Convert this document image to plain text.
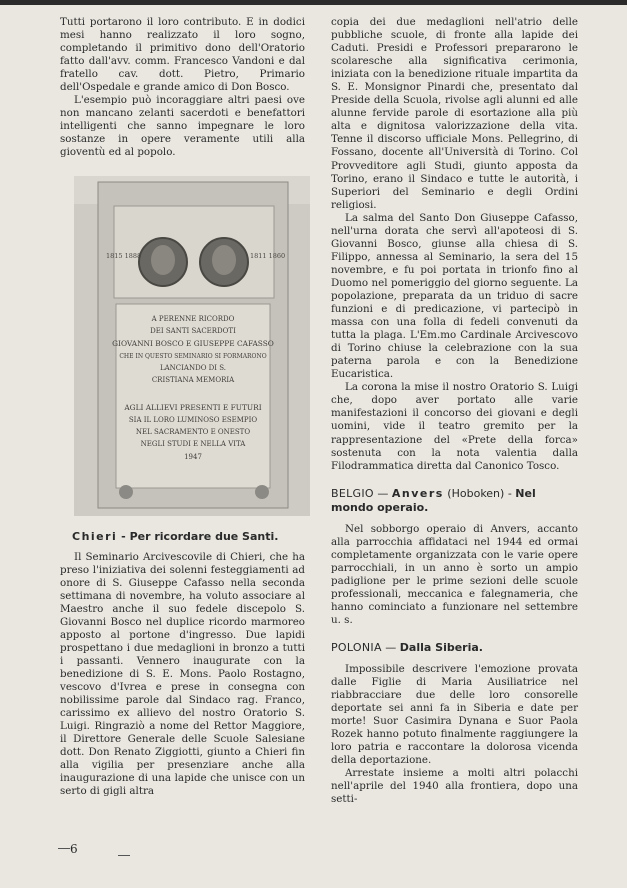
Tutti portarono il loro contributo. E in dodici mesi hanno realizzato il loro sogno, completando il primitivo dono dell'Oratorio fatto dall'avv. comm. Francesco Vandoni e dal fratello cav. dott. Pietro, Primario dell'Ospedale e grande amico di Don Bosco.

L'esempio può incoraggiare altri paesi ove non mancano zelanti sacerdoti e benefattori intelligenti che sanno impegnare le loro sostanze in opere veramente utili alla gioventù ed al popolo.

1815 1888	1811 1860
A PERENNE RICORDO
DEI SANTI SACERDOTI
GIOVANNI BOSCO E GIUSEPPE CAFASSO
CHE IN QUESTO SEMINARIO SI FORMARONO
LANCIANDO DI S.
CRISTIANA MEMORIA
AGLI ALLIEVI PRESENTI E FUTURI
SIA IL LORO LUMINOSO ESEMPIO
NEL SACRAMENTO E ONESTO
NEGLI STUDI E NELLA VITA
1947
Chieri - Per ricordare due Santi.

Il Seminario Arcivescovile di Chieri, che ha preso l'iniziativa dei solenni festeggiamenti ad onore di S. Giuseppe Cafasso nella seconda settimana di novembre, ha voluto associare al Maestro anche il suo fedele discepolo S. Giovanni Bosco nel duplice ricordo marmoreo apposto al portone d'ingresso. Due lapidi prospettano i due medaglioni in bronzo a tutti i passanti. Vennero inaugurate con la benedizione di S. E. Mons. Paolo Rostagno, vescovo d'Ivrea e prese in consegna con nobilissime parole dal Sindaco rag. Franco, carissimo ex allievo del nostro Oratorio S. Luigi. Ringraziò a nome del Rettor Maggiore, il Direttore Generale delle Scuole Salesiane dott. Don Renato Ziggiotti, giunto a Chieri fin alla vigilia per presenziare anche alla inaugurazione di una lapide che unisce con un serto di gigli altra

copia dei due medaglioni nell'atrio delle pubbliche scuole, di fronte alla lapide dei Caduti. Presidi e Professori prepararono le scolaresche alla significativa cerimonia, iniziata con la benedizione rituale impartita da S. E. Monsignor Pinardi che, presentato dal Preside della Scuola, rivolse agli alunni ed alle alunne fervide parole di esortazione alla più alta e dignitosa valorizzazione della vita. Tenne il discorso ufficiale Mons. Pellegrino, di Fossano, docente all'Università di Torino. Col Provveditore agli Studi, giunto apposta da Torino, erano il Sindaco e tutte le autorità, i Superiori del Seminario e degli Ordini religiosi.

La salma del Santo Don Giuseppe Cafasso, nell'urna dorata che servì all'apoteosi di S. Giovanni Bosco, giunse alla chiesa di S. Filippo, annessa al Seminario, la sera del 15 novembre, e fu poi portata in trionfo fino al Duomo nel pomeriggio del giorno seguente. La popolazione, preparata da un triduo di sacre funzioni e di predicazione, vi partecipò in massa con una folla di fedeli convenuti da tutta la plaga. L'Em.mo Cardinale Arcivescovo di Torino chiuse la celebrazione con la sua paterna parola e con la Benedizione Eucaristica.

La corona la mise il nostro Oratorio S. Luigi che, dopo aver portato alle varie manifestazioni il concorso dei giovani e degli uomini, vide il teatro gremito per la rappresentazione del «Prete della forca» sostenuta con la nota valentia dalla Filodrammatica diretta dal Canonico Tosco.

BELGIO — Anvers (Hoboken) - Nel mondo operaio.

Nel sobborgo operaio di Anvers, accanto alla parrocchia affidataci nel 1944 ed ormai completamente organizzata con le varie opere parrocchiali, in un anno è sorto un ampio padiglione per le prime sezioni delle scuole professionali, meccanica e falegnameria, che hanno cominciato a funzionare nel settembre u. s.

POLONIA — Dalla Siberia.

Impossibile descrivere l'emozione provata dalle Figlie di Maria Ausiliatrice nel riabbracciare due delle loro consorelle deportate sei anni fa in Siberia e date per morte! Suor Casimira Dynana e Suor Paola Rozek hanno potuto finalmente raggiungere la loro patria e raccontare la dolorosa vicenda della deportazione.

Arrestate insieme a molti altri polacchi nell'aprile del 1940 alla frontiera, dopo una setti-

6
